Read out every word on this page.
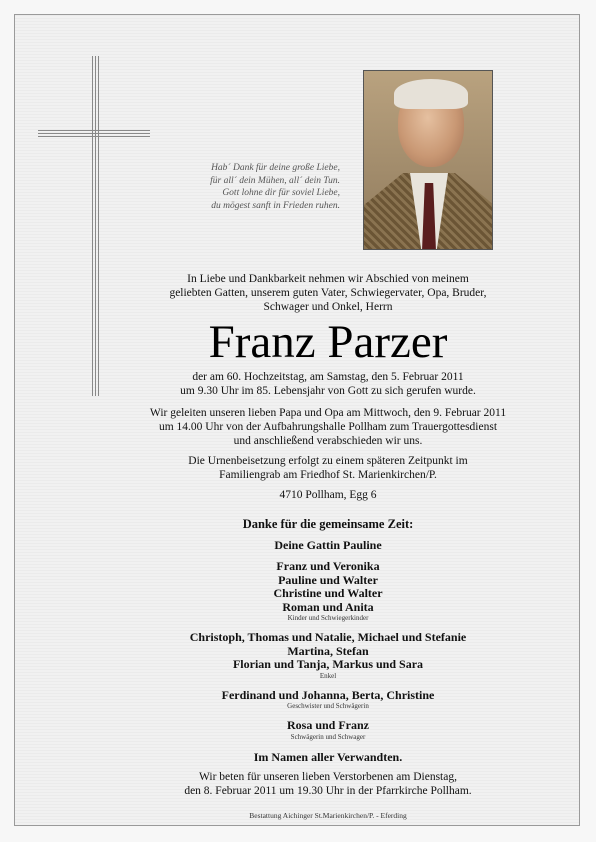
Hab´ Dank für deine große Liebe,
für all´ dein Mühen, all´ dein Tun.
Gott lohne dir für soviel Liebe,
du mögest sanft in Frieden ruhen.
In Liebe und Dankbarkeit nehmen wir Abschied von meinem
geliebten Gatten, unserem guten Vater, Schwiegervater, Opa, Bruder,
Schwager und Onkel, Herrn
Franz Parzer
der am 60. Hochzeitstag, am Samstag, den 5. Februar 2011
um 9.30 Uhr im 85. Lebensjahr von Gott zu sich gerufen wurde.
Wir geleiten unseren lieben Papa und Opa am Mittwoch, den 9. Februar 2011
um 14.00 Uhr von der Aufbahrungshalle Pollham zum Trauergottesdienst
und anschließend verabschieden wir uns.
Die Urnenbeisetzung erfolgt zu einem späteren Zeitpunkt im
Familiengrab am Friedhof St. Marienkirchen/P.
4710 Pollham, Egg 6
Danke für die gemeinsame Zeit:
Deine Gattin Pauline
Franz und Veronika
Pauline und Walter
Christine und Walter
Roman und Anita
Kinder und Schwiegerkinder
Christoph, Thomas und Natalie, Michael und Stefanie
Martina, Stefan
Florian und Tanja, Markus und Sara
Enkel
Ferdinand und Johanna, Berta, Christine
Geschwister und Schwägerin
Rosa und Franz
Schwägerin und Schwager
Im Namen aller Verwandten.
Wir beten für unseren lieben Verstorbenen am Dienstag,
den 8. Februar 2011 um 19.30 Uhr in der Pfarrkirche Pollham.
Bestattung Aichinger St.Marienkirchen/P. - Eferding
